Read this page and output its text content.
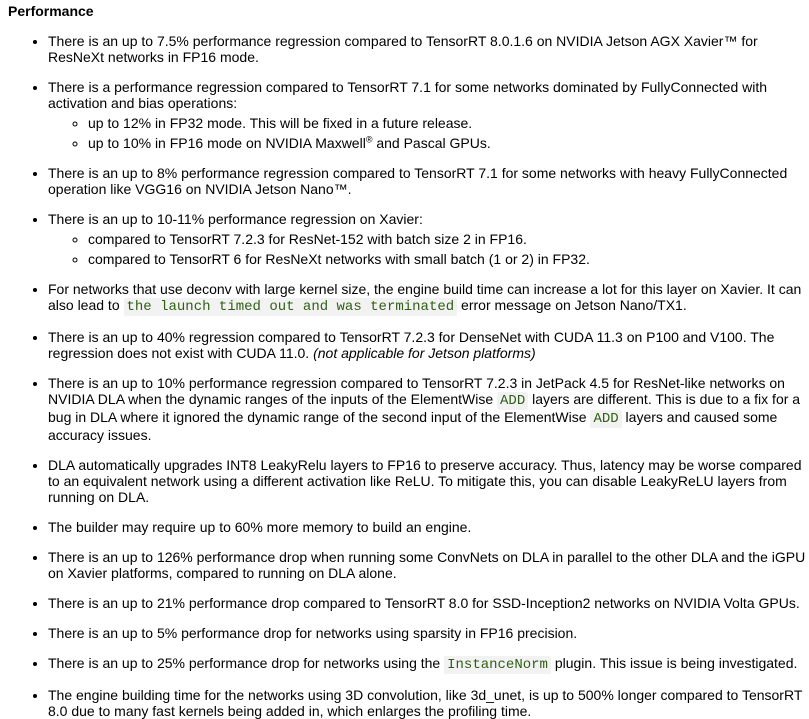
Performance
• There is an up to 7.5% performance regression compared to TensorRT 8.0.1.6 on NVIDIA Jetson AGX Xavier™ for ResNeXt networks in FP16 mode.
• There is a performance regression compared to TensorRT 7.1 for some networks dominated by FullyConnected with activation and bias operations:
◦ up to 12% in FP32 mode. This will be fixed in a future release.
◦ up to 10% in FP16 mode on NVIDIA Maxwell® and Pascal GPUs.
• There is an up to 8% performance regression compared to TensorRT 7.1 for some networks with heavy FullyConnected operation like VGG16 on NVIDIA Jetson Nano™.
• There is an up to 10-11% performance regression on Xavier:
◦ compared to TensorRT 7.2.3 for ResNet-152 with batch size 2 in FP16.
◦ compared to TensorRT 6 for ResNeXt networks with small batch (1 or 2) in FP32.
• For networks that use deconv with large kernel size, the engine build time can increase a lot for this layer on Xavier. It can also lead to the launch timed out and was terminated error message on Jetson Nano/TX1.
• There is an up to 40% regression compared to TensorRT 7.2.3 for DenseNet with CUDA 11.3 on P100 and V100. The regression does not exist with CUDA 11.0. (not applicable for Jetson platforms)
• There is an up to 10% performance regression compared to TensorRT 7.2.3 in JetPack 4.5 for ResNet-like networks on NVIDIA DLA when the dynamic ranges of the inputs of the ElementWise ADD layers are different. This is due to a fix for a bug in DLA where it ignored the dynamic range of the second input of the ElementWise ADD layers and caused some accuracy issues.
• DLA automatically upgrades INT8 LeakyRelu layers to FP16 to preserve accuracy. Thus, latency may be worse compared to an equivalent network using a different activation like ReLU. To mitigate this, you can disable LeakyReLU layers from running on DLA.
• The builder may require up to 60% more memory to build an engine.
• There is an up to 126% performance drop when running some ConvNets on DLA in parallel to the other DLA and the iGPU on Xavier platforms, compared to running on DLA alone.
• There is an up to 21% performance drop compared to TensorRT 8.0 for SSD-Inception2 networks on NVIDIA Volta GPUs.
• There is an up to 5% performance drop for networks using sparsity in FP16 precision.
• There is an up to 25% performance drop for networks using the InstanceNorm plugin. This issue is being investigated.
• The engine building time for the networks using 3D convolution, like 3d_unet, is up to 500% longer compared to TensorRT 8.0 due to many fast kernels being added in, which enlarges the profiling time.
